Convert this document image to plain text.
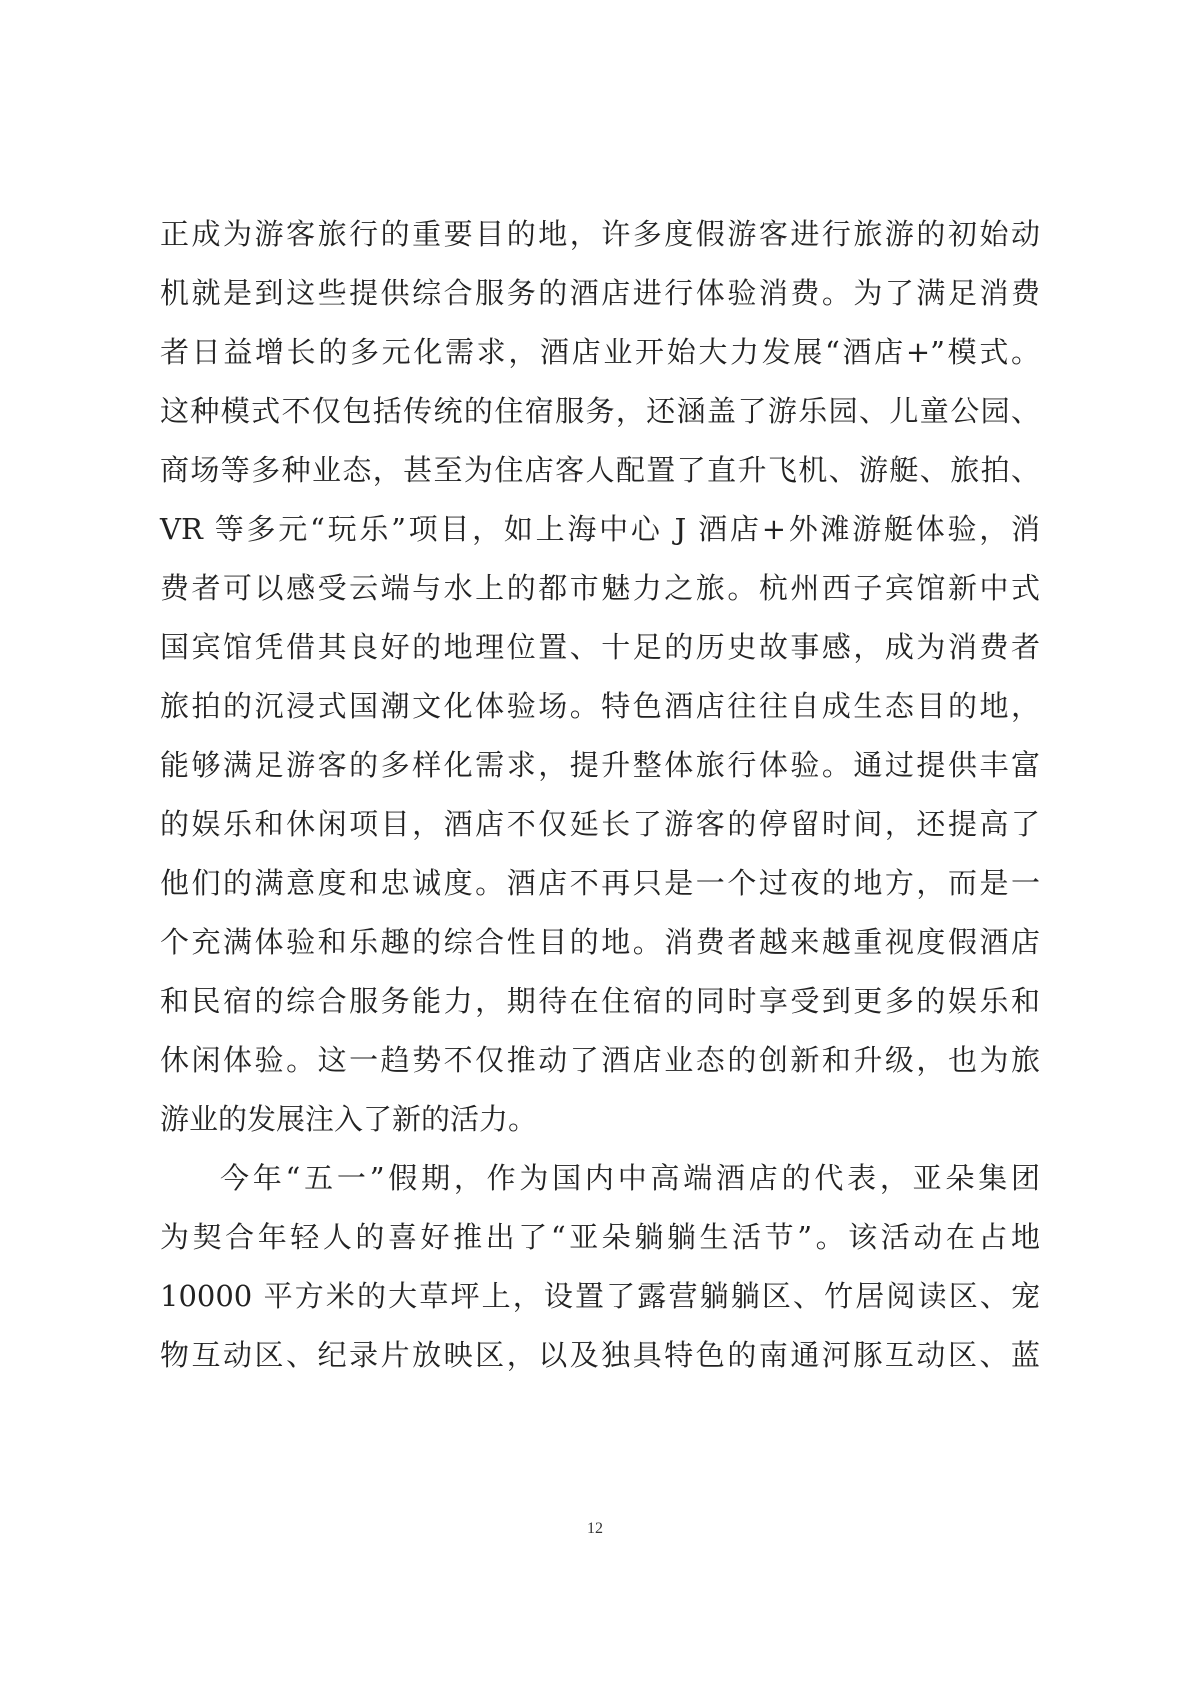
正成为游客旅行的重要目的地，许多度假游客进行旅游的初始动
机就是到这些提供综合服务的酒店进行体验消费。为了满足消费
者日益增长的多元化需求，酒店业开始大力发展“酒店+”模式。
这种模式不仅包括传统的住宿服务，还涵盖了游乐园、儿童公园、
商场等多种业态，甚至为住店客人配置了直升飞机、游艇、旅拍、
VR 等多元“玩乐”项目，如上海中心 J 酒店+外滩游艇体验，消
费者可以感受云端与水上的都市魅力之旅。杭州西子宾馆新中式
国宾馆凭借其良好的地理位置、十足的历史故事感，成为消费者
旅拍的沉浸式国潮文化体验场。特色酒店往往自成生态目的地，
能够满足游客的多样化需求，提升整体旅行体验。通过提供丰富
的娱乐和休闲项目，酒店不仅延长了游客的停留时间，还提高了
他们的满意度和忠诚度。酒店不再只是一个过夜的地方，而是一
个充满体验和乐趣的综合性目的地。消费者越来越重视度假酒店
和民宿的综合服务能力，期待在住宿的同时享受到更多的娱乐和
休闲体验。这一趋势不仅推动了酒店业态的创新和升级，也为旅
游业的发展注入了新的活力。
今年“五一”假期，作为国内中高端酒店的代表，亚朵集团
为契合年轻人的喜好推出了“亚朵躺躺生活节”。该活动在占地
10000 平方米的大草坪上，设置了露营躺躺区、竹居阅读区、宠
物互动区、纪录片放映区，以及独具特色的南通河豚互动区、蓝
12
